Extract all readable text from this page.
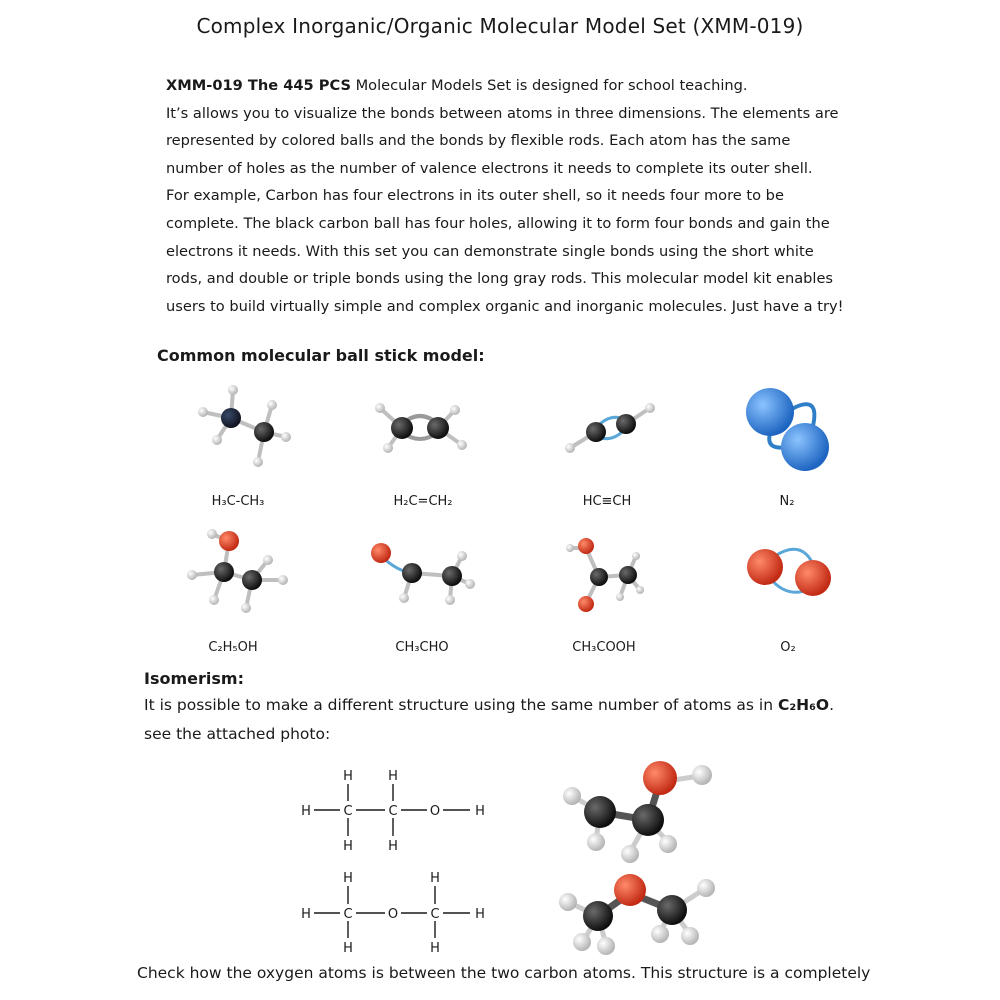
Complex Inorganic/Organic Molecular Model Set (XMM-019)
XMM-019 The 445 PCS Molecular Models Set is designed for school teaching.
It’s allows you to visualize the bonds between atoms in three dimensions. The elements are
represented by colored balls and the bonds by flexible rods. Each atom has the same
number of holes as the number of valence electrons it needs to complete its outer shell.
For example, Carbon has four electrons in its outer shell, so it needs four more to be
complete. The black carbon ball has four holes, allowing it to form four bonds and gain the
electrons it needs. With this set you can demonstrate single bonds using the short white
rods, and double or triple bonds using the long gray rods. This molecular model kit enables
users to build virtually simple and complex organic and inorganic molecules. Just have a try!
Common molecular ball stick model:
H	H
H	C	C O	H
H	H
H	H
H	C	O C	H
H	H
H₃C-CH₃	H₂C=CH₂	HC≡CH	N₂
C₂H₅OH	CH₃CHO	CH₃COOH	O₂
Isomerism:
It is possible to make a different structure using the same number of atoms as in C₂H₆O.
see the attached photo:
Check how the oxygen atoms is between the two carbon atoms. This structure is a completely
